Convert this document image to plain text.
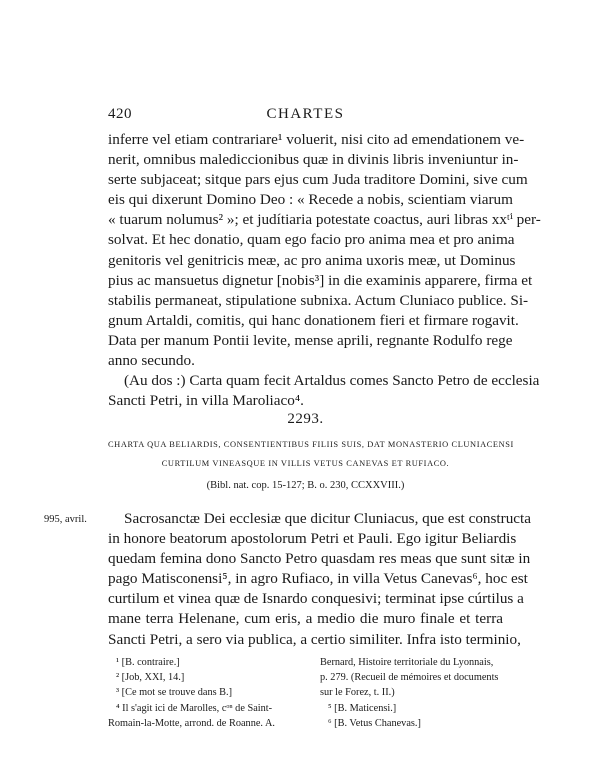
420	CHARTES
inferre vel etiam contrariare¹ voluerit, nisi cito ad emendationem ve-
nerit, omnibus malediccionibus quæ in divinis libris inveniuntur in-
serte subjaceat; sitque pars ejus cum Juda traditore Domini, sive cum
eis qui dixerunt Domino Deo : « Recede a nobis, scientiam viarum
« tuarum nolumus² »; et judítiaria potestate coactus, auri libras xxᵗⁱ per-
solvat. Et hec donatio, quam ego facio pro anima mea et pro anima
genitoris vel genitricis meæ, ac pro anima uxoris meæ, ut Dominus
pius ac mansuetus dignetur [nobis³] in die examinis apparere, firma et
stabilis permaneat, stipulatione subnixa. Actum Cluniaco publice. Si-
gnum Artaldi, comitis, qui hanc donationem fieri et firmare rogavit.
Data per manum Pontii levite, mense aprili, regnante Rodulfo rege
anno secundo.
(Au dos :) Carta quam fecit Artaldus comes Sancto Petro de ecclesia
Sancti Petri, in villa Maroliaco⁴.
2293.
CHARTA QUA BELIARDIS, CONSENTIENTIBUS FILIIS SUIS, DAT MONASTERIO CLUNIACENSI
CURTILUM VINEASQUE IN VILLIS VETUS CANEVAS ET RUFIACO.
(Bibl. nat. cop. 15-127; B. o. 230, CCXXVIII.)
995, avril.	Sacrosanctæ Dei ecclesiæ que dicitur Cluniacus, que est constructa
in honore beatorum apostolorum Petri et Pauli. Ego igitur Beliardis
quedam femina dono Sancto Petro quasdam res meas que sunt sitæ in
pago Matisconensi⁵, in agro Rufiaco, in villa Vetus Canevas⁶, hoc est
curtilum et vinea quæ de Isnardo conquesivi; terminat ipse cúrtilus a
mane terra Helenane, cum eris, a medio die muro finale et terra
Sancti Petri, a sero via publica, a certio similiter. Infra isto terminio,
¹ [B. contraire.]
² [Job, XXI, 14.]
³ [Ce mot se trouve dans B.]
⁴ Il s'agit ici de Marolles, cᵒⁿ de Saint-
Romain-la-Motte, arrond. de Roanne. A.
Bernard, Histoire territoriale du Lyonnais,
p. 279. (Recueil de mémoires et documents
sur le Forez, t. II.)
⁵ [B. Maticensi.]
⁶ [B. Vetus Chanevas.]
